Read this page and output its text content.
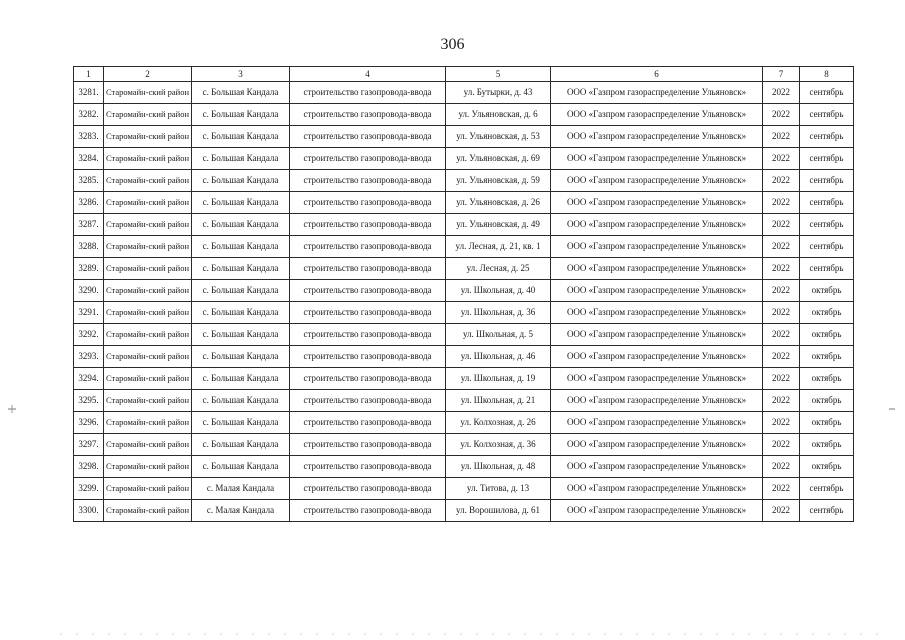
306
1	2	3	4	5	6	7	8
3281.	Старомайн-ский район	с. Большая Кандала	строительство газопровода-ввода	ул. Бутырки, д. 43	ООО «Газпром газораспределение Ульяновск»	2022	сентябрь
3282.	Старомайн-ский район	с. Большая Кандала	строительство газопровода-ввода	ул. Ульяновская, д. 6	ООО «Газпром газораспределение Ульяновск»	2022	сентябрь
3283.	Старомайн-ский район	с. Большая Кандала	строительство газопровода-ввода	ул. Ульяновская, д. 53	ООО «Газпром газораспределение Ульяновск»	2022	сентябрь
3284.	Старомайн-ский район	с. Большая Кандала	строительство газопровода-ввода	ул. Ульяновская, д. 69	ООО «Газпром газораспределение Ульяновск»	2022	сентябрь
3285.	Старомайн-ский район	с. Большая Кандала	строительство газопровода-ввода	ул. Ульяновская, д. 59	ООО «Газпром газораспределение Ульяновск»	2022	сентябрь
3286.	Старомайн-ский район	с. Большая Кандала	строительство газопровода-ввода	ул. Ульяновская, д. 26	ООО «Газпром газораспределение Ульяновск»	2022	сентябрь
3287.	Старомайн-ский район	с. Большая Кандала	строительство газопровода-ввода	ул. Ульяновская, д. 49	ООО «Газпром газораспределение Ульяновск»	2022	сентябрь
3288.	Старомайн-ский район	с. Большая Кандала	строительство газопровода-ввода	ул. Лесная, д. 21, кв. 1	ООО «Газпром газораспределение Ульяновск»	2022	сентябрь
3289.	Старомайн-ский район	с. Большая Кандала	строительство газопровода-ввода	ул. Лесная, д. 25	ООО «Газпром газораспределение Ульяновск»	2022	сентябрь
3290.	Старомайн-ский район	с. Большая Кандала	строительство газопровода-ввода	ул. Школьная, д. 40	ООО «Газпром газораспределение Ульяновск»	2022	октябрь
3291.	Старомайн-ский район	с. Большая Кандала	строительство газопровода-ввода	ул. Школьная, д. 36	ООО «Газпром газораспределение Ульяновск»	2022	октябрь
3292.	Старомайн-ский район	с. Большая Кандала	строительство газопровода-ввода	ул. Школьная, д. 5	ООО «Газпром газораспределение Ульяновск»	2022	октябрь
3293.	Старомайн-ский район	с. Большая Кандала	строительство газопровода-ввода	ул. Школьная, д. 46	ООО «Газпром газораспределение Ульяновск»	2022	октябрь
3294.	Старомайн-ский район	с. Большая Кандала	строительство газопровода-ввода	ул. Школьная, д. 19	ООО «Газпром газораспределение Ульяновск»	2022	октябрь
3295.	Старомайн-ский район	с. Большая Кандала	строительство газопровода-ввода	ул. Школьная, д. 21	ООО «Газпром газораспределение Ульяновск»	2022	октябрь
3296.	Старомайн-ский район	с. Большая Кандала	строительство газопровода-ввода	ул. Колхозная, д. 26	ООО «Газпром газораспределение Ульяновск»	2022	октябрь
3297.	Старомайн-ский район	с. Большая Кандала	строительство газопровода-ввода	ул. Колхозная, д. 36	ООО «Газпром газораспределение Ульяновск»	2022	октябрь
3298.	Старомайн-ский район	с. Большая Кандала	строительство газопровода-ввода	ул. Школьная, д. 48	ООО «Газпром газораспределение Ульяновск»	2022	октябрь
3299.	Старомайн-ский район	с. Малая Кандала	строительство газопровода-ввода	ул. Титова, д. 13	ООО «Газпром газораспределение Ульяновск»	2022	сентябрь
3300.	Старомайн-ский район	с. Малая Кандала	строительство газопровода-ввода	ул. Ворошилова, д. 61	ООО «Газпром газораспределение Ульяновск»	2022	сентябрь
